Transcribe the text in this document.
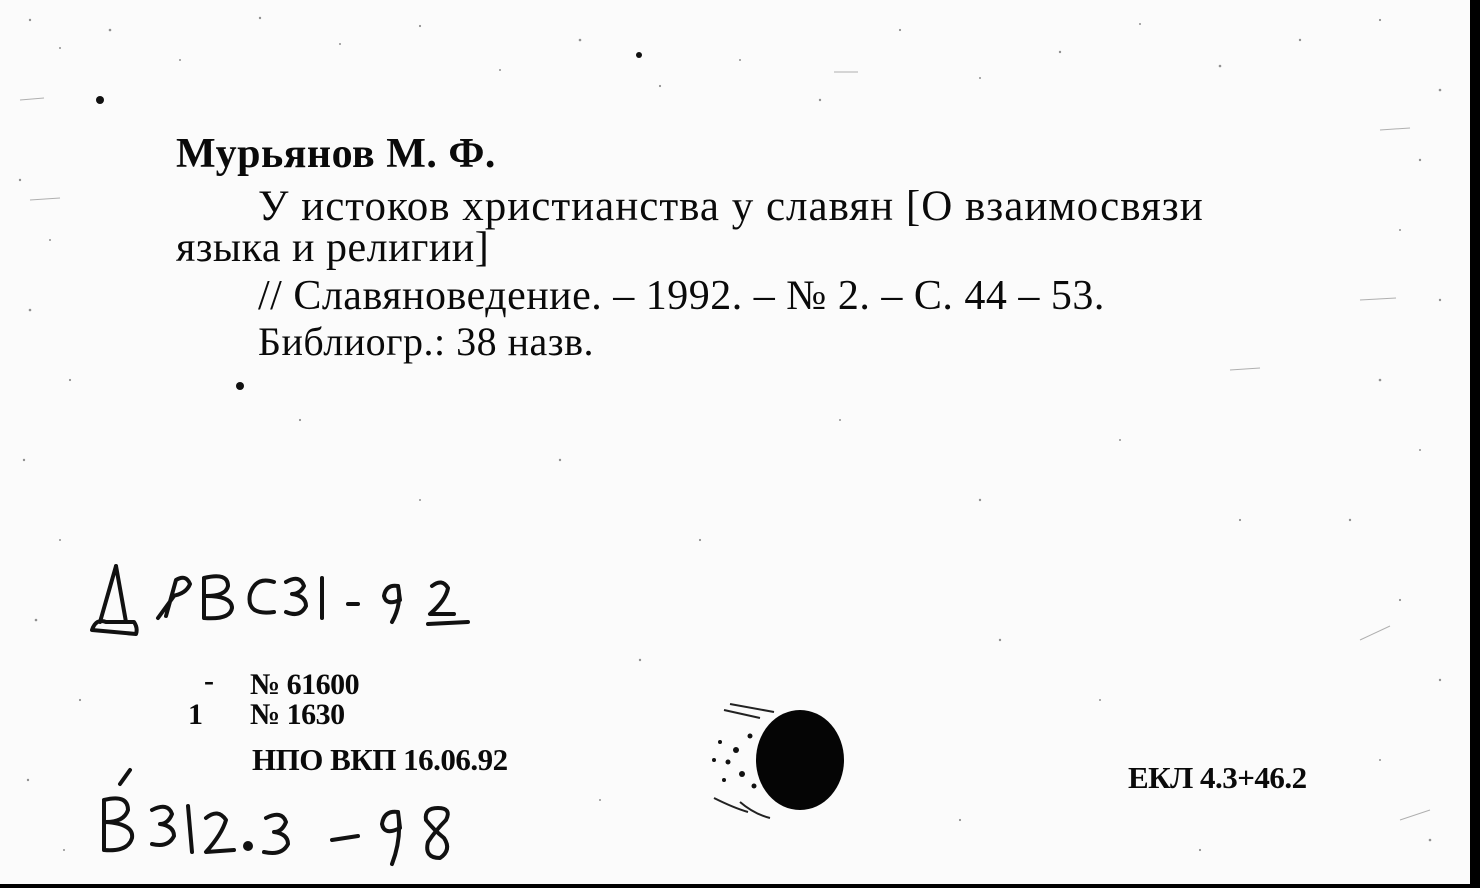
Мурьянов М. Ф.
У истоков христианства у славян [О взаимосвязи
языка и религии]
// Славяноведение. – 1992. – № 2. – С. 44 – 53.
Библиогр.: 38 назв.
-
1
№ 61600
№ 1630
НПО ВКП 16.06.92
ЕКЛ 4.3+46.2
